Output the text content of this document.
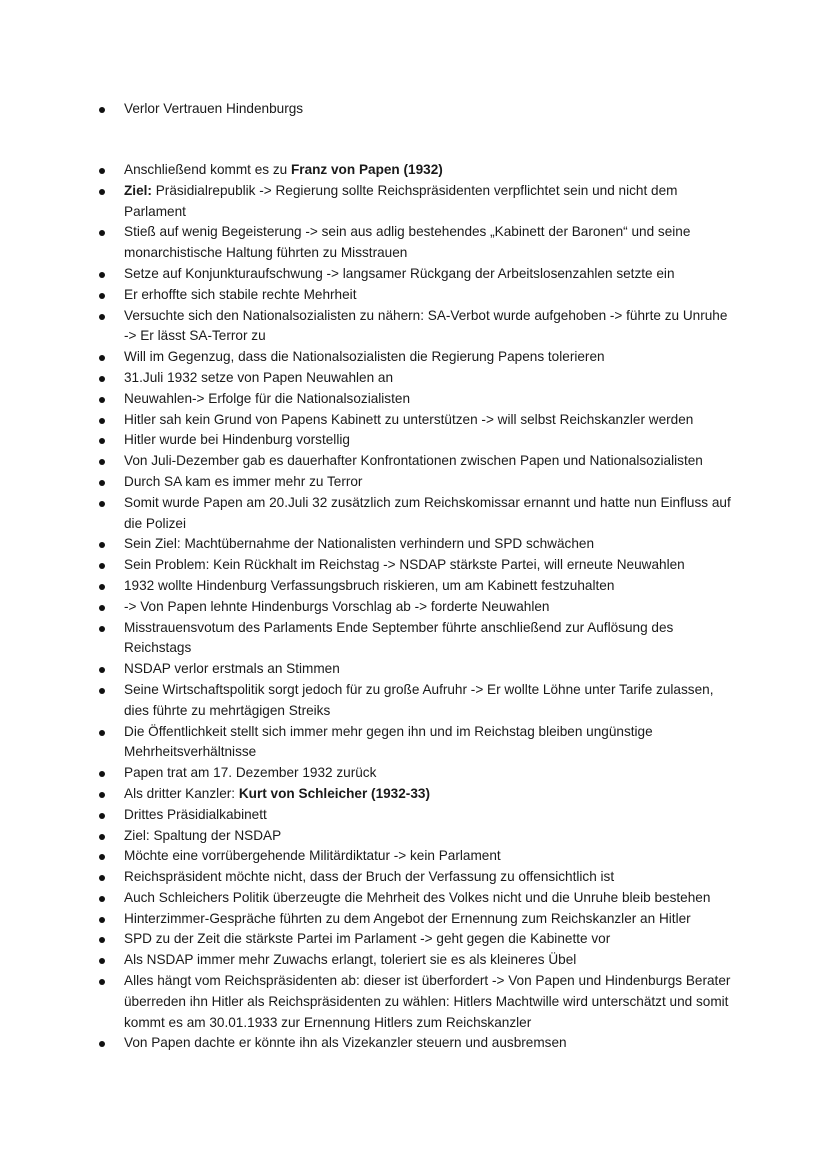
Verlor Vertrauen Hindenburgs
Anschließend kommt es zu Franz von Papen (1932)
Ziel: Präsidialrepublik -> Regierung sollte Reichspräsidenten verpflichtet sein und nicht dem Parlament
Stieß auf wenig Begeisterung -> sein aus adlig bestehendes „Kabinett der Baronen“ und seine monarchistische Haltung führten zu Misstrauen
Setze auf Konjunkturaufschwung -> langsamer Rückgang der Arbeitslosenzahlen setzte ein
Er erhoffte sich stabile rechte Mehrheit
Versuchte sich den Nationalsozialisten zu nähern: SA-Verbot wurde aufgehoben -> führte zu Unruhe -> Er lässt SA-Terror zu
Will im Gegenzug, dass die Nationalsozialisten die Regierung Papens tolerieren
31.Juli 1932 setze von Papen Neuwahlen an
Neuwahlen-> Erfolge für die Nationalsozialisten
Hitler sah kein Grund von Papens Kabinett zu unterstützen -> will selbst Reichskanzler werden
Hitler wurde bei Hindenburg vorstellig
Von Juli-Dezember gab es dauerhafter Konfrontationen zwischen Papen und Nationalsozialisten
Durch SA kam es immer mehr zu Terror
Somit wurde Papen am 20.Juli 32 zusätzlich zum Reichskomissar ernannt und hatte nun Einfluss auf die Polizei
Sein Ziel: Machtübernahme der Nationalisten verhindern und SPD schwächen
Sein Problem: Kein Rückhalt im Reichstag -> NSDAP stärkste Partei, will erneute Neuwahlen
1932 wollte Hindenburg Verfassungsbruch riskieren, um am Kabinett festzuhalten
-> Von Papen lehnte Hindenburgs Vorschlag ab -> forderte Neuwahlen
Misstrauensvotum des Parlaments Ende September führte anschließend zur Auflösung des Reichstags
NSDAP verlor erstmals an Stimmen
Seine Wirtschaftspolitik sorgt jedoch für zu große Aufruhr -> Er wollte Löhne unter Tarife zulassen, dies führte zu mehrtägigen Streiks
Die Öffentlichkeit stellt sich immer mehr gegen ihn und im Reichstag bleiben ungünstige Mehrheitsverhältnisse
Papen trat am 17. Dezember 1932 zurück
Als dritter Kanzler: Kurt von Schleicher (1932-33)
Drittes Präsidialkabinett
Ziel: Spaltung der NSDAP
Möchte eine vorrübergehende Militärdiktatur -> kein Parlament
Reichspräsident möchte nicht, dass der Bruch der Verfassung zu offensichtlich ist
Auch Schleichers Politik überzeugte die Mehrheit des Volkes nicht und die Unruhe bleib bestehen
Hinterzimmer-Gespräche führten zu dem Angebot der Ernennung zum Reichskanzler an Hitler
SPD zu der Zeit die stärkste Partei im Parlament -> geht gegen die Kabinette vor
Als NSDAP immer mehr Zuwachs erlangt, toleriert sie es als kleineres Übel
Alles hängt vom Reichspräsidenten ab: dieser ist überfordert -> Von Papen und Hindenburgs Berater überreden ihn Hitler als Reichspräsidenten zu wählen: Hitlers Machtwille wird unterschätzt und somit kommt es am 30.01.1933 zur Ernennung Hitlers zum Reichskanzler
Von Papen dachte er könnte ihn als Vizekanzler steuern und ausbremsen
